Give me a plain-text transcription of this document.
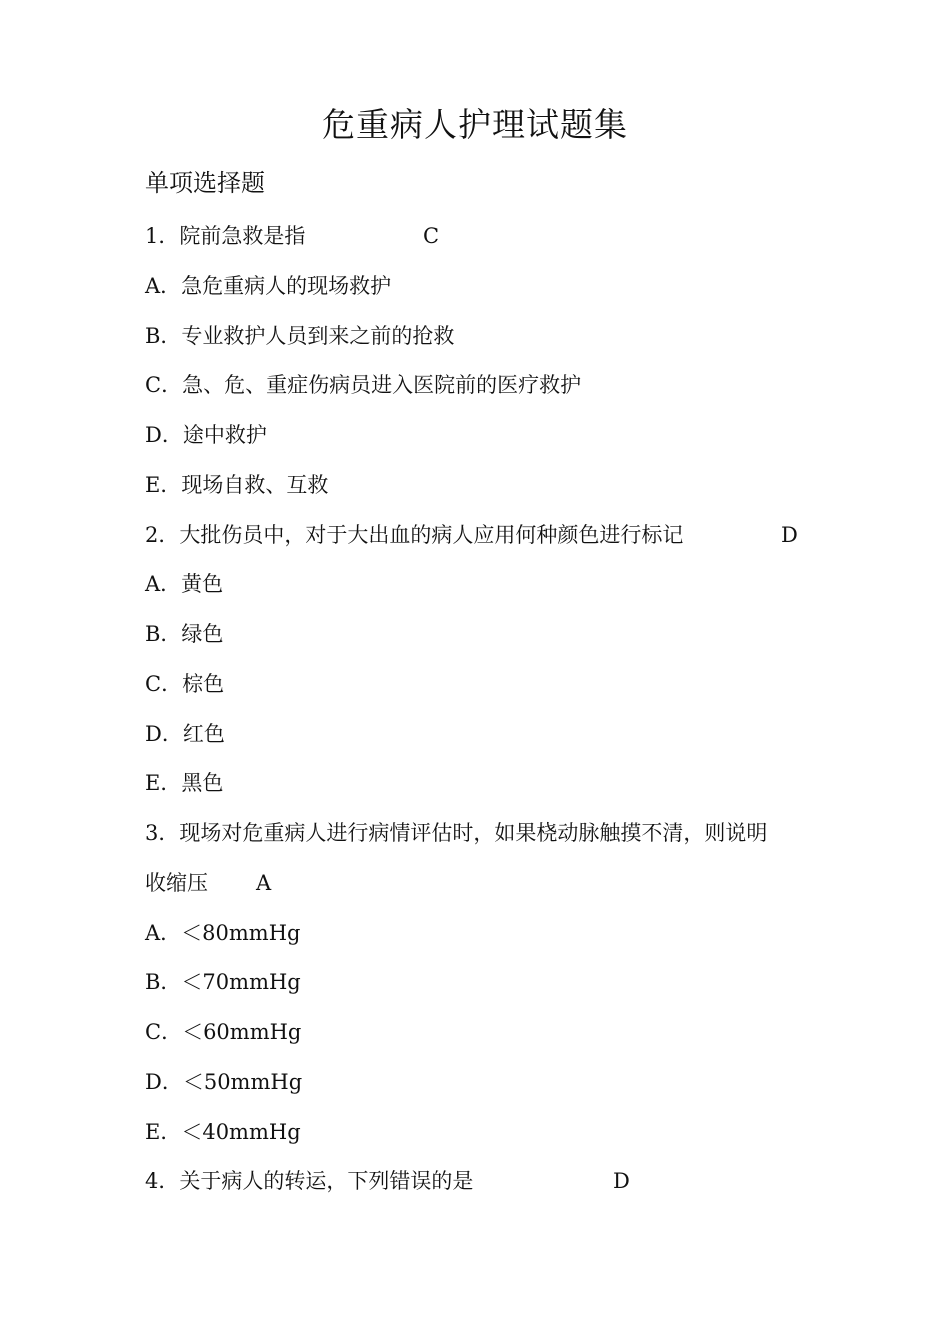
危重病人护理试题集
单项选择题
1．院前急救是指	C
A．急危重病人的现场救护
B．专业救护人员到来之前的抢救
C．急、危、重症伤病员进入医院前的医疗救护
D．途中救护
E．现场自救、互救
2．大批伤员中，对于大出血的病人应用何种颜色进行标记	D
A．黄色
B．绿色
C．棕色
D．红色
E．黑色
3．现场对危重病人进行病情评估时，如果桡动脉触摸不清，则说明
收缩压 A
A．＜80mmHg
B．＜70mmHg
C．＜60mmHg
D．＜50mmHg
E．＜40mmHg
4．关于病人的转运，下列错误的是	D
